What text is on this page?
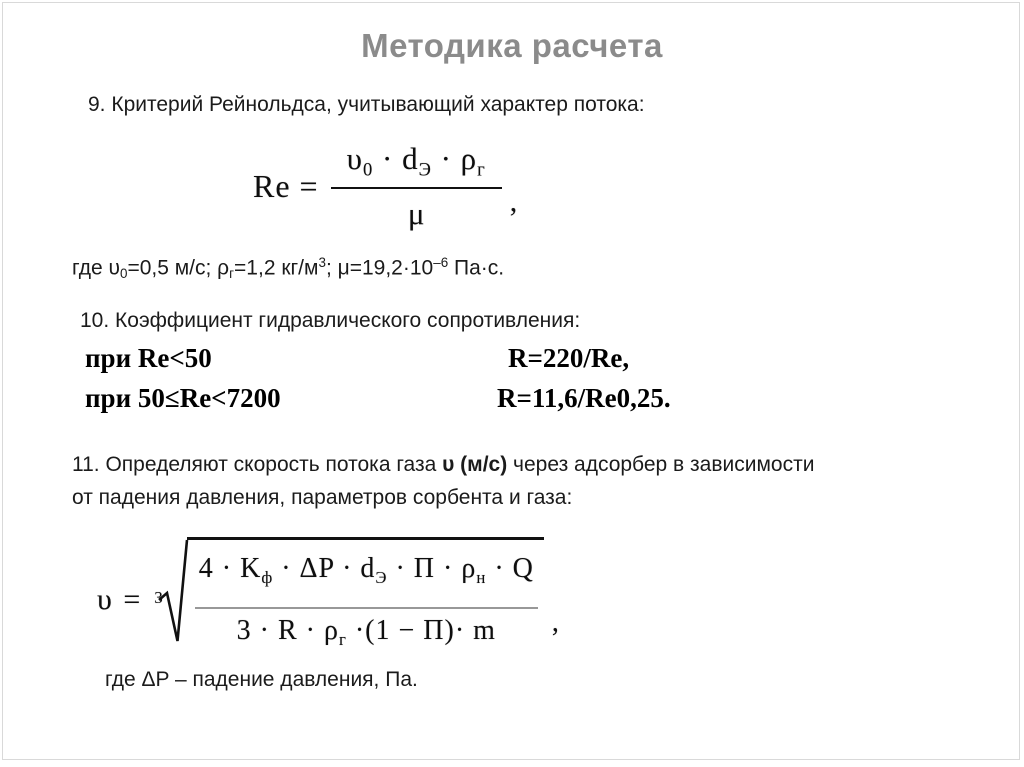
Методика расчета
9. Критерий Рейнольдса, учитывающий характер потока:
$Re = \frac{\upsilon_0 \cdot d_Э \cdot \rho_г}{\mu}$ ,
где $\upsilon_0=0,5$ м/с; $\rho_г=1,2$ $кг/м^3$; $\mu=19,2\cdot 10^{-6}$ Па·с.
10. Коэффициент гидравлического сопротивления:
при Re<50	R=220/Re,
при 50≤Re<7200	R=11,6/Re0,25.
11. Определяют скорость потока газа υ (м/с) через адсорбер в зависимости
от падения давления, параметров сорбента и газа:
υ = 3
$4 \cdot K_ф \cdot \Delta P \cdot d_Э \cdot П \cdot \rho_н \cdot Q$
$3 \cdot R \cdot \rho_г \cdot(1 - П)\cdot m$ ,
где ΔP – падение давления, Па.
